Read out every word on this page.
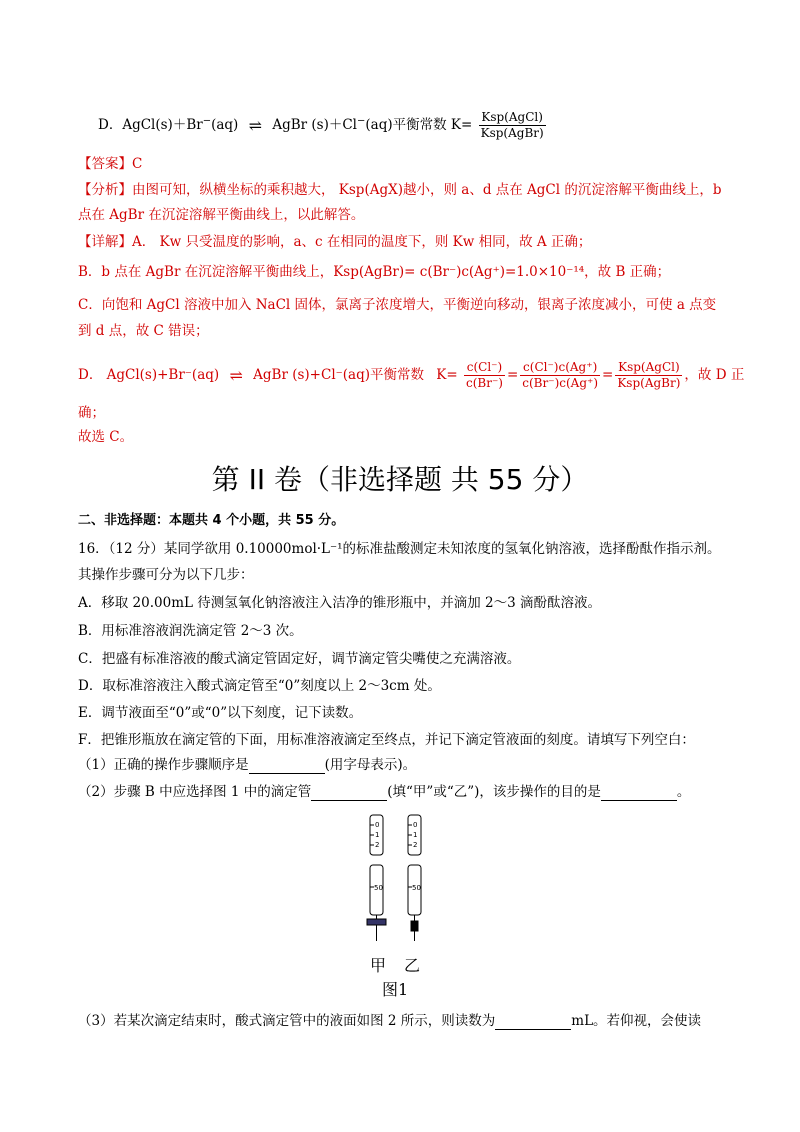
D．AgCl(s)＋Br−(aq) ⇌ AgBr (s)＋Cl−(aq)平衡常数 $K= \frac{\text{Ksp(AgCl)}}{\text{Ksp(AgBr)}}$
【答案】C
【分析】由图可知，纵横坐标的乘积越大， Ksp(AgX)越小，则 a、d 点在 AgCl 的沉淀溶解平衡曲线上，b
点在 AgBr 在沉淀溶解平衡曲线上，以此解答。
【详解】A． Kw 只受温度的影响，a、c 在相同的温度下，则 Kw 相同，故 A 正确；
B．b 点在 AgBr 在沉淀溶解平衡曲线上，Ksp(AgBr)= c(Br⁻)c(Ag⁺)=1.0×10⁻¹⁴，故 B 正确；
C．向饱和 AgCl 溶液中加入 NaCl 固体，氯离子浓度增大，平衡逆向移动，银离子浓度减小，可使 a 点变
到 d 点，故 C 错误；
D． AgCl(s)+Br⁻(aq) ⇌ AgBr (s)+Cl⁻(aq)平衡常数 $K= \frac{c(Cl^-)}{c(Br^-)} = \frac{c(Cl^-)c(Ag^+)}{c(Br^-)c(Ag^+)} = \frac{\text{Ksp(AgCl)}}{\text{Ksp(AgBr)}}$ ，故 D 正
确；
故选 C。
第 II 卷（非选择题 共 55 分）
二、非选择题：本题共 4 个小题，共 55 分。
16．（12 分）某同学欲用 0.10000mol·L⁻¹的标准盐酸测定未知浓度的氢氧化钠溶液，选择酚酞作指示剂。
其操作步骤可分为以下几步：
A．移取 20.00mL 待测氢氧化钠溶液注入洁净的锥形瓶中，并滴加 2～3 滴酚酞溶液。
B．用标准溶液润洗滴定管 2～3 次。
C．把盛有标准溶液的酸式滴定管固定好，调节滴定管尖嘴使之充满溶液。
D．取标准溶液注入酸式滴定管至“0”刻度以上 2～3cm 处。
E．调节液面至“0”或“0”以下刻度，记下读数。
F．把锥形瓶放在滴定管的下面，用标准溶液滴定至终点，并记下滴定管液面的刻度。请填写下列空白：
（1）正确的操作步骤顺序是	(用字母表示)。
（2）步骤 B 中应选择图 1 中的滴定管	(填“甲”或“乙”)，该步操作的目的是	。
0
1
2
50
0
1
2
50
甲 乙
图1
（3）若某次滴定结束时，酸式滴定管中的液面如图 2 所示，则读数为	mL。若仰视，会使读
